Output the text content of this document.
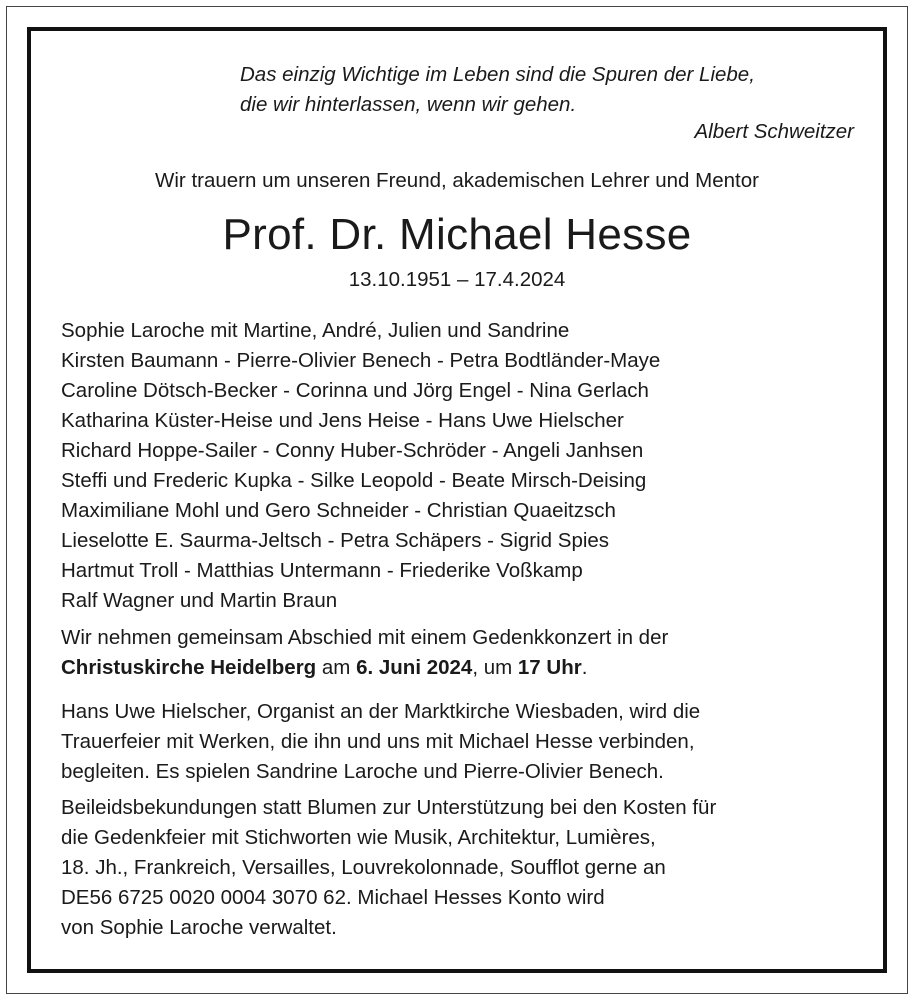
Das einzig Wichtige im Leben sind die Spuren der Liebe,
die wir hinterlassen, wenn wir gehen.
Albert Schweitzer
Wir trauern um unseren Freund, akademischen Lehrer und Mentor
Prof. Dr. Michael Hesse
13.10.1951 – 17.4.2024
Sophie Laroche mit Martine, André, Julien und Sandrine
Kirsten Baumann - Pierre-Olivier Benech - Petra Bodtländer-Maye
Caroline Dötsch-Becker - Corinna und Jörg Engel - Nina Gerlach
Katharina Küster-Heise und Jens Heise - Hans Uwe Hielscher
Richard Hoppe-Sailer - Conny Huber-Schröder - Angeli Janhsen
Steffi und Frederic Kupka - Silke Leopold - Beate Mirsch-Deising
Maximiliane Mohl und Gero Schneider - Christian Quaeitzsch
Lieselotte E. Saurma-Jeltsch - Petra Schäpers - Sigrid Spies
Hartmut Troll - Matthias Untermann - Friederike Voßkamp
Ralf Wagner und Martin Braun
Wir nehmen gemeinsam Abschied mit einem Gedenkkonzert in der
Christuskirche Heidelberg am 6. Juni 2024, um 17 Uhr.
Hans Uwe Hielscher, Organist an der Marktkirche Wiesbaden, wird die
Trauerfeier mit Werken, die ihn und uns mit Michael Hesse verbinden,
begleiten. Es spielen Sandrine Laroche und Pierre-Olivier Benech.
Beileidsbekundungen statt Blumen zur Unterstützung bei den Kosten für
die Gedenkfeier mit Stichworten wie Musik, Architektur, Lumières,
18. Jh., Frankreich, Versailles, Louvrekolonnade, Soufflot gerne an
DE56 6725 0020 0004 3070 62. Michael Hesses Konto wird
von Sophie Laroche verwaltet.
